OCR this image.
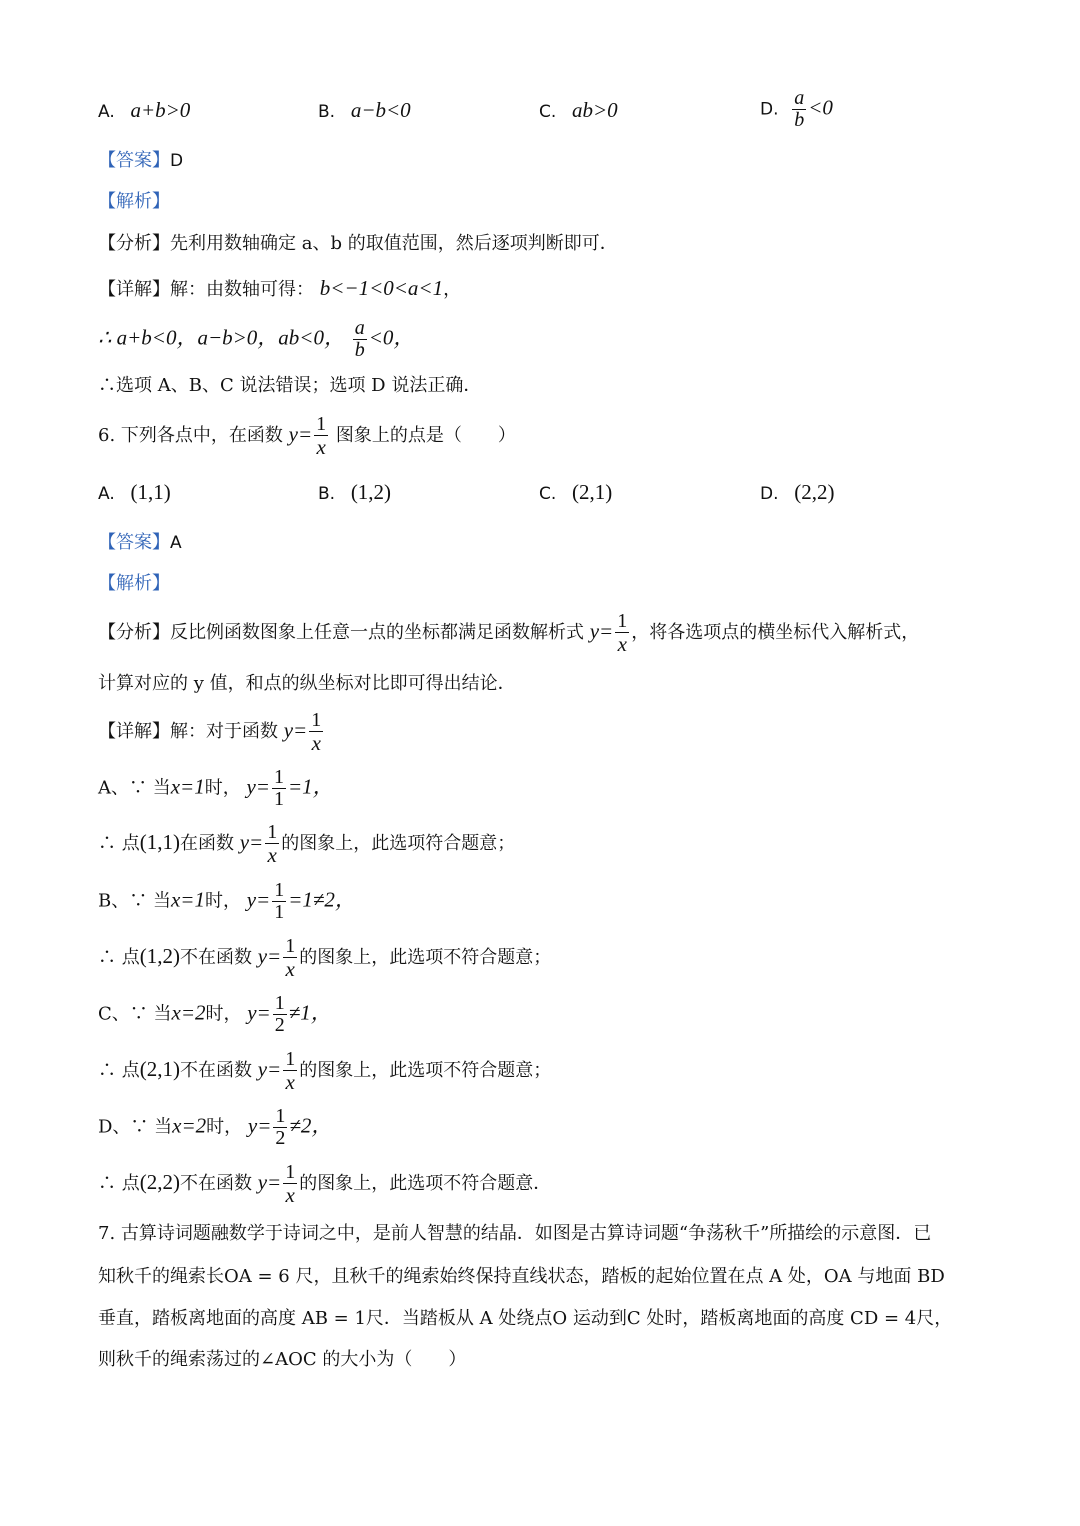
A. a+b>0	B. a−b<0	C. ab>0	D. $\frac{a}{b} <0$
【答案】D
【解析】
【分析】先利用数轴确定 a、b 的取值范围，然后逐项判断即可．
【详解】解：由数轴可得： b<−1<0<a<1，
∴ a+b<0，a−b>0，ab<0， $\frac{a}{b} <0$，
∴选项 A、B、C 说法错误；选项 D 说法正确．
6. 下列各点中，在函数 $y= \frac{1}{x}$ 图象上的点是（　　）
A. (1,1)	B. (1,2)	C. (2,1)	D. (2,2)
【答案】A
【解析】
【分析】反比例函数图象上任意一点的坐标都满足函数解析式 $y= \frac{1}{x}$ ，将各选项点的横坐标代入解析式，
计算对应的 y 值，和点的纵坐标对比即可得出结论．
【详解】解：对于函数 $y= \frac{1}{x}$
A、∵ 当x=1时， $y= \frac{1}{1} =1$，
∴ 点(1,1)在函数 $y= \frac{1}{x}$ 的图象上，此选项符合题意；
B、∵ 当x=1时， $y= \frac{1}{1} =1\ne 2$，
∴ 点(1,2)不在函数 $y= \frac{1}{x}$ 的图象上，此选项不符合题意；
C、∵ 当x=2时， $y= \frac{1}{2} \ne 1$，
∴ 点(2,1)不在函数 $y= \frac{1}{x}$ 的图象上，此选项不符合题意；
D、∵ 当x=2时， $y= \frac{1}{2} \ne 2$，
∴ 点(2,2)不在函数 $y= \frac{1}{x}$ 的图象上，此选项不符合题意．
7. 古算诗词题融数学于诗词之中，是前人智慧的结晶．如图是古算诗词题“争荡秋千”所描绘的示意图．已
知秋千的绳索长OA = 6 尺，且秋千的绳索始终保持直线状态，踏板的起始位置在点 A 处，OA 与地面 BD
垂直，踏板离地面的高度 AB = 1尺．当踏板从 A 处绕点O 运动到C 处时，踏板离地面的高度 CD = 4尺，
则秋千的绳索荡过的∠AOC 的大小为（　　）
